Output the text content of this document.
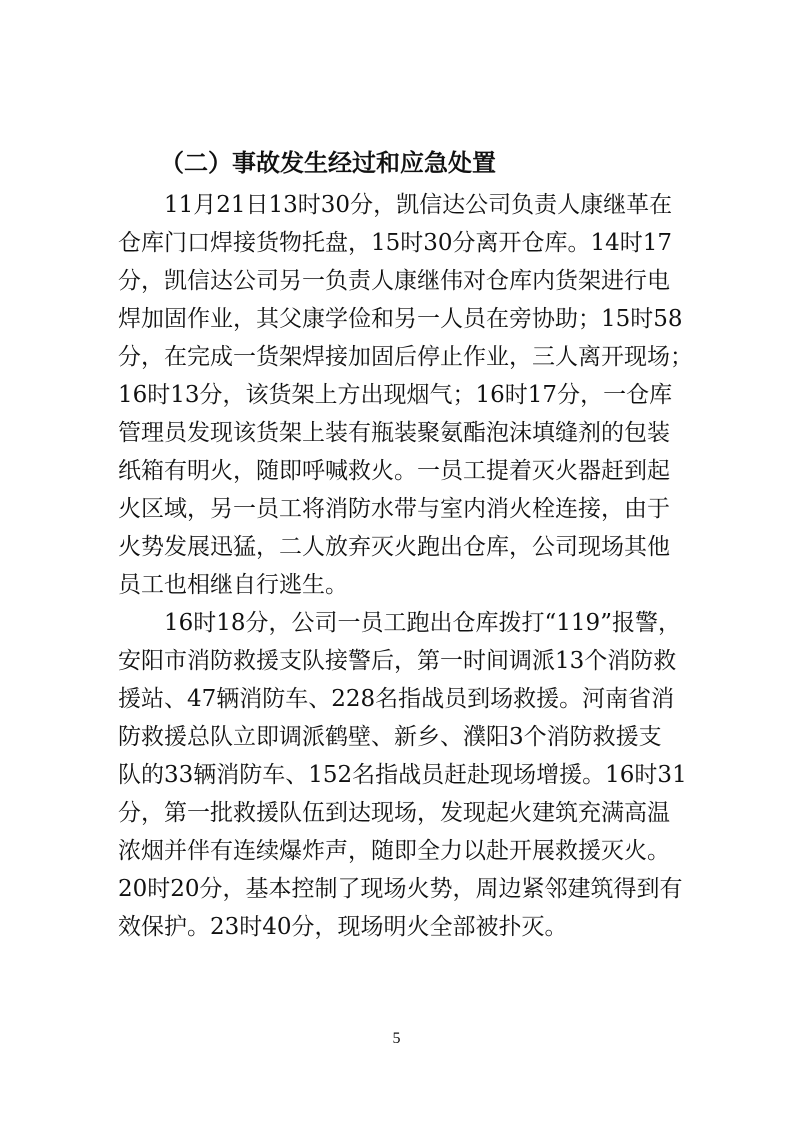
（二）事故发生经过和应急处置
11月21日13时30分，凯信达公司负责人康继革在
仓库门口焊接货物托盘，15时30分离开仓库。14时17
分，凯信达公司另一负责人康继伟对仓库内货架进行电
焊加固作业，其父康学俭和另一人员在旁协助；15时58
分，在完成一货架焊接加固后停止作业，三人离开现场；
16时13分，该货架上方出现烟气；16时17分，一仓库
管理员发现该货架上装有瓶装聚氨酯泡沫填缝剂的包装
纸箱有明火，随即呼喊救火。一员工提着灭火器赶到起
火区域，另一员工将消防水带与室内消火栓连接，由于
火势发展迅猛，二人放弃灭火跑出仓库，公司现场其他
员工也相继自行逃生。
16时18分，公司一员工跑出仓库拨打“119”报警，
安阳市消防救援支队接警后，第一时间调派13个消防救
援站、47辆消防车、228名指战员到场救援。河南省消
防救援总队立即调派鹤壁、新乡、濮阳3个消防救援支
队的33辆消防车、152名指战员赶赴现场增援。16时31
分，第一批救援队伍到达现场，发现起火建筑充满高温
浓烟并伴有连续爆炸声，随即全力以赴开展救援灭火。
20时20分，基本控制了现场火势，周边紧邻建筑得到有
效保护。23时40分，现场明火全部被扑灭。
5
